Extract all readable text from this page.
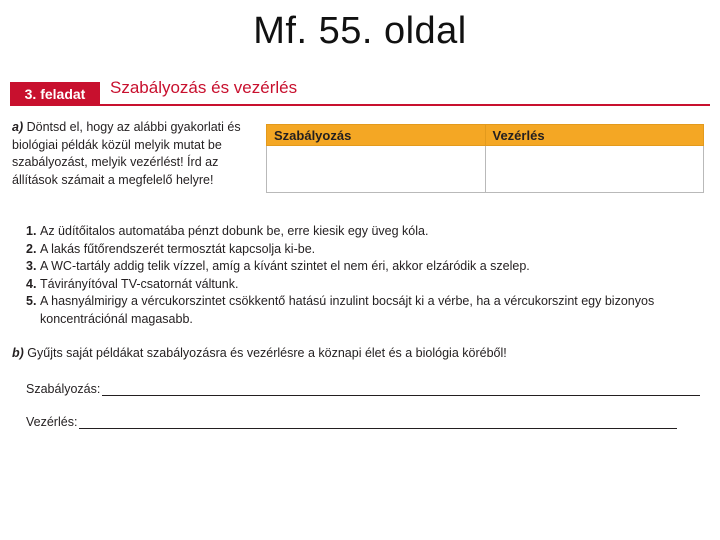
Mf. 55. oldal
3. feladat	Szabályozás és vezérlés
a) Döntsd el, hogy az alábbi gyakorlati és biológiai példák közül melyik mutat be szabályozást, melyik vezérlést! Írd az állítások számait a megfelelő helyre!
Szabályozás	Vezérlés

1. Az üdítőitalos automatába pénzt dobunk be, erre kiesik egy üveg kóla.
2. A lakás fűtőrendszerét termosztát kapcsolja ki-be.
3. A WC-tartály addig telik vízzel, amíg a kívánt szintet el nem éri, akkor elzáródik a szelep.
4. Távirányítóval TV-csatornát váltunk.
5. A hasnyálmirigy a vércukorszintet csökkentő hatású inzulint bocsájt ki a vérbe, ha a vércukorszint egy bizonyos koncentrációnál magasabb.
b) Gyűjts saját példákat szabályozásra és vezérlésre a köznapi élet és a biológia köréből!
Szabályozás:
Vezérlés:
